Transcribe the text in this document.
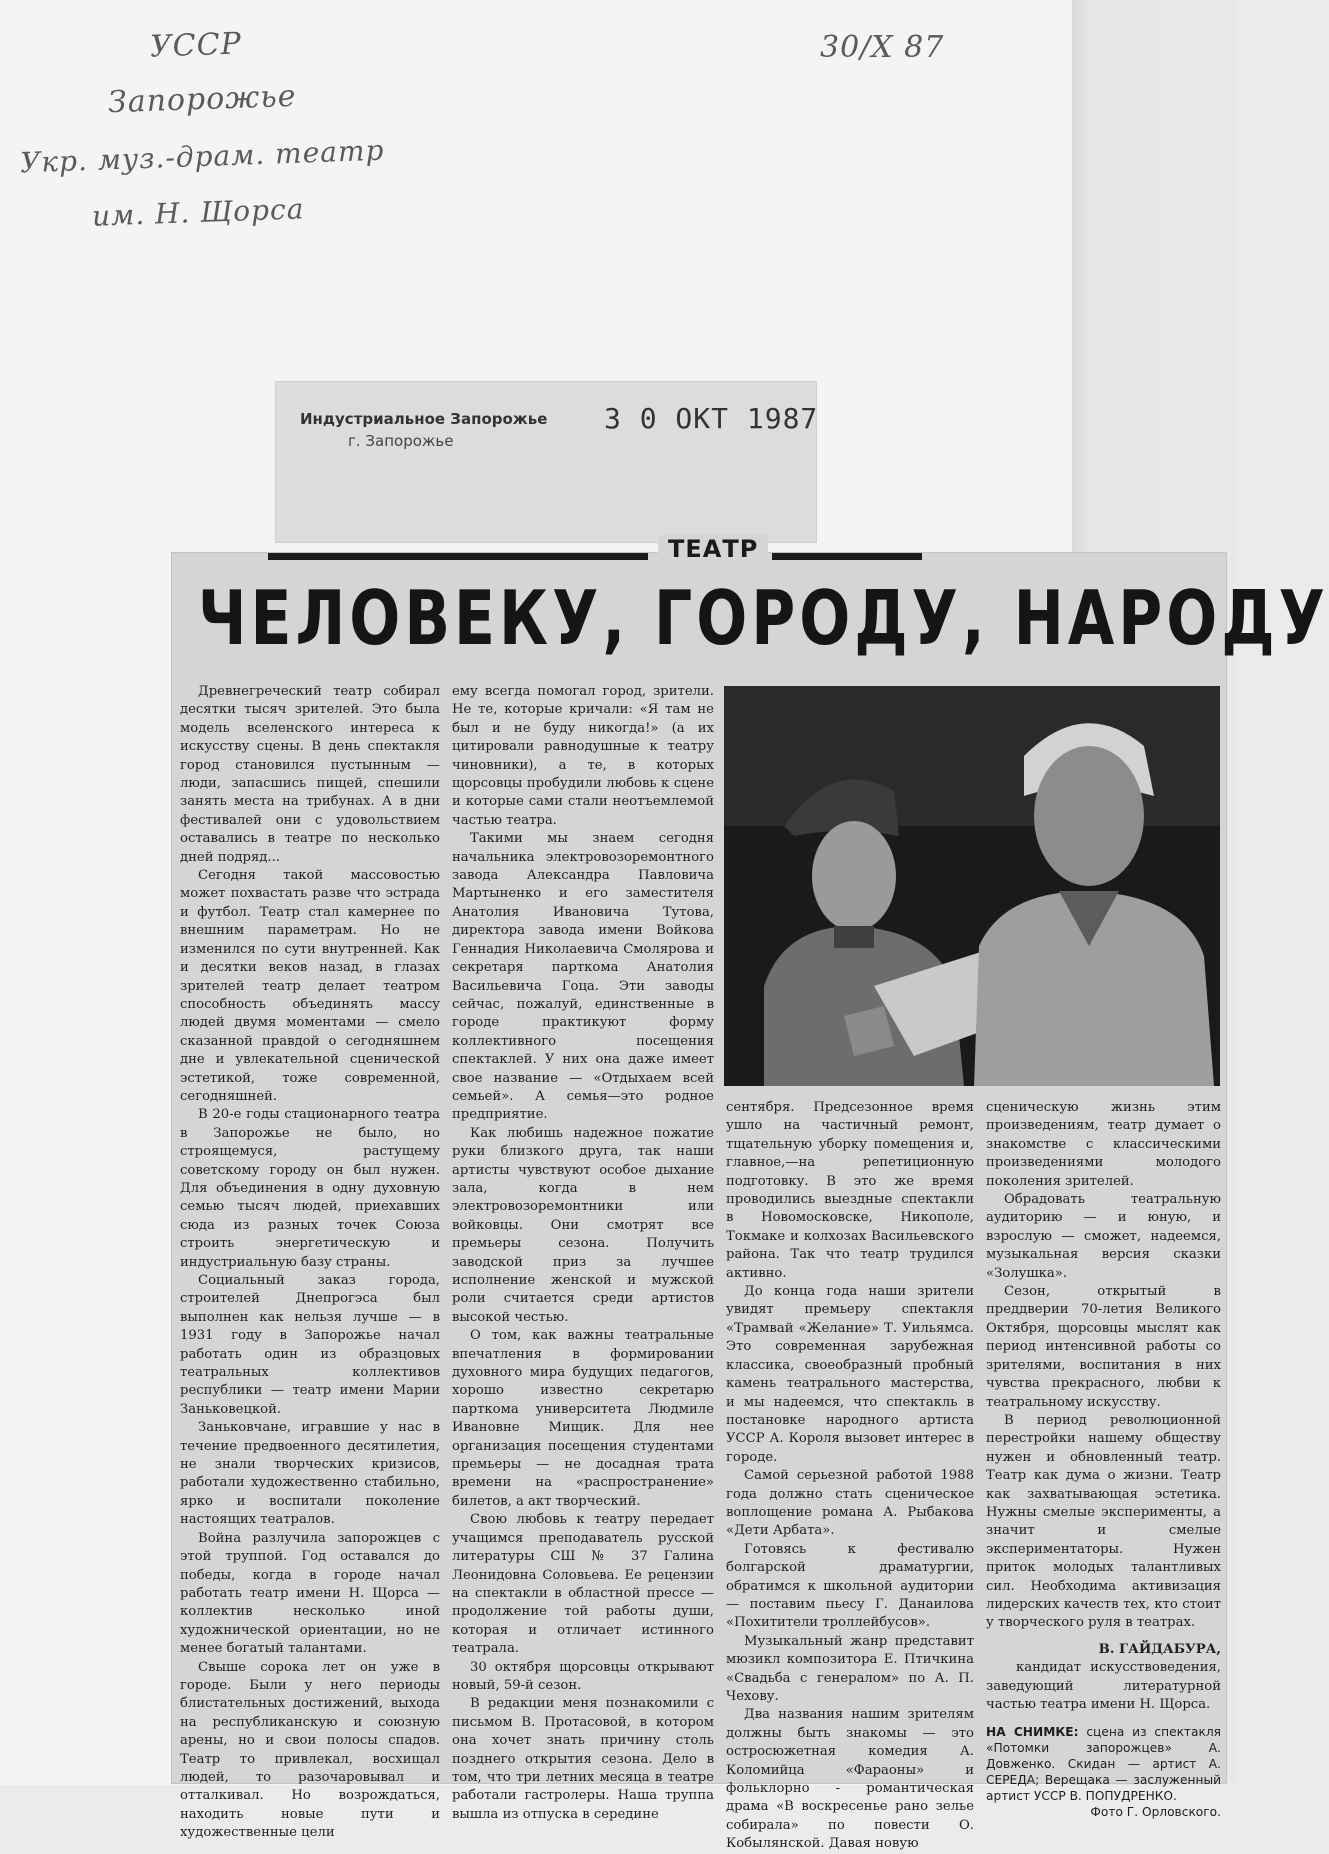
УССР
Запорожье
Укр. муз.-драм. театр
им. Н. Щорса
30/X 87
Индустриальное Запорожье
г. Запорожье
3 0 ОКТ 1987
ТЕАТР
ЧЕЛОВЕКУ, ГОРОДУ, НАРОДУ

Древнегреческий театр собирал десятки тысяч зрителей. Это была модель вселенского интереса к искусству сцены. В день спектакля город становился пустынным — люди, запасшись пищей, спешили занять места на трибунах. А в дни фестивалей они с удовольствием оставались в театре по несколько дней подряд...

Сегодня такой массовостью может похвастать разве что эстрада и футбол. Театр стал камернее по внешним параметрам. Но не изменился по сути внутренней. Как и десятки веков назад, в глазах зрителей театр делает театром способность объединять массу людей двумя моментами — смело сказанной правдой о сегодняшнем дне и увлекательной сценической эстетикой, тоже современной, сегодняшней.

В 20-е годы стационарного театра в Запорожье не было, но строящемуся, растущему советскому городу он был нужен. Для объединения в одну духовную семью тысяч людей, приехавших сюда из разных точек Союза строить энергетическую и индустриальную базу страны.

Социальный заказ города, строителей Днепрогэса был выполнен как нельзя лучше — в 1931 году в Запорожье начал работать один из образцовых театральных коллективов республики — театр имени Марии Заньковецкой.

Заньковчане, игравшие у нас в течение предвоенного десятилетия, не знали творческих кризисов, работали художественно стабильно, ярко и воспитали поколение настоящих театралов.

Война разлучила запорожцев с этой труппой. Год оставался до победы, когда в городе начал работать театр имени Н. Щорса — коллектив несколько иной художнической ориентации, но не менее богатый талантами.

Свыше сорока лет он уже в городе. Были у него периоды блистательных достижений, выхода на республиканскую и союзную арены, но и свои полосы спадов. Театр то привлекал, восхищал людей, то разочаровывал и отталкивал. Но возрождаться, находить новые пути и художественные цели

ему всегда помогал город, зрители. Не те, которые кричали: «Я там не был и не буду никогда!» (а их цитировали равнодушные к театру чиновники), а те, в которых щорсовцы пробудили любовь к сцене и которые сами стали неотъемлемой частью театра.

Такими мы знаем сегодня начальника электровозоремонтного завода Александра Павловича Мартыненко и его заместителя Анатолия Ивановича Тутова, директора завода имени Войкова Геннадия Николаевича Смолярова и секретаря парткома Анатолия Васильевича Гоца. Эти заводы сейчас, пожалуй, единственные в городе практикуют форму коллективного посещения спектаклей. У них она даже имеет свое название — «Отдыхаем всей семьей». А семья—это родное предприятие.

Как любишь надежное пожатие руки близкого друга, так наши артисты чувствуют особое дыхание зала, когда в нем электровозоремонтники или войковцы. Они смотрят все премьеры сезона. Получить заводской приз за лучшее исполнение женской и мужской роли считается среди артистов высокой честью.

О том, как важны театральные впечатления в формировании духовного мира будущих педагогов, хорошо известно секретарю парткома университета Людмиле Ивановне Мищик. Для нее организация посещения студентами премьеры — не досадная трата времени на «распространение» билетов, а акт творческий.

Свою любовь к театру передает учащимся преподаватель русской литературы СШ № 37 Галина Леонидовна Соловьева. Ее рецензии на спектакли в областной прессе — продолжение той работы души, которая и отличает истинного театрала.

30 октября щорсовцы открывают новый, 59-й сезон.

В редакции меня познакомили с письмом В. Протасовой, в котором она хочет знать причину столь позднего открытия сезона. Дело в том, что три летних месяца в театре работали гастролеры. Наша труппа вышла из отпуска в середине

сентября. Предсезонное время ушло на частичный ремонт, тщательную уборку помещения и, главное,—на репетиционную подготовку. В это же время проводились выездные спектакли в Новомосковске, Никополе, Токмаке и колхозах Васильевского района. Так что театр трудился активно.

До конца года наши зрители увидят премьеру спектакля «Трамвай «Желание» Т. Уильямса. Это современная зарубежная классика, своеобразный пробный камень театрального мастерства, и мы надеемся, что спектакль в постановке народного артиста УССР А. Короля вызовет интерес в городе.

Самой серьезной работой 1988 года должно стать сценическое воплощение романа А. Рыбакова «Дети Арбата».

Готовясь к фестивалю болгарской драматургии, обратимся к школьной аудитории — поставим пьесу Г. Данаилова «Похитители троллейбусов».

Музыкальный жанр представит мюзикл композитора Е. Птичкина «Свадьба с генералом» по А. П. Чехову.

Два названия нашим зрителям должны быть знакомы — это остросюжетная комедия А. Коломийца «Фараоны» и фольклорно - романтическая драма «В воскресенье рано зелье собирала» по повести О. Кобылянской. Давая новую

сценическую жизнь этим произведениям, театр думает о знакомстве с классическими произведениями молодого поколения зрителей.

Обрадовать театральную аудиторию — и юную, и взрослую — сможет, надеемся, музыкальная версия сказки «Золушка».

Сезон, открытый в преддверии 70-летия Великого Октября, щорсовцы мыслят как период интенсивной работы со зрителями, воспитания в них чувства прекрасного, любви к театральному искусству.

В период революционной перестройки нашему обществу нужен и обновленный театр. Театр как дума о жизни. Театр как захватывающая эстетика. Нужны смелые эксперименты, а значит и смелые экспериментаторы. Нужен приток молодых талантливых сил. Необходима активизация лидерских качеств тех, кто стоит у творческого руля в театрах.

В. ГАЙДАБУРА,

кандидат искусствоведения, заведующий литературной частью театра имени Н. Щорса.

НА СНИМКЕ: сцена из спектакля «Потомки запорожцев» А. Довженко. Скидан — артист А. СЕРЕДА; Верещака — заслуженный артист УССР В. ПОПУДРЕНКО.

Фото Г. Орловского.
